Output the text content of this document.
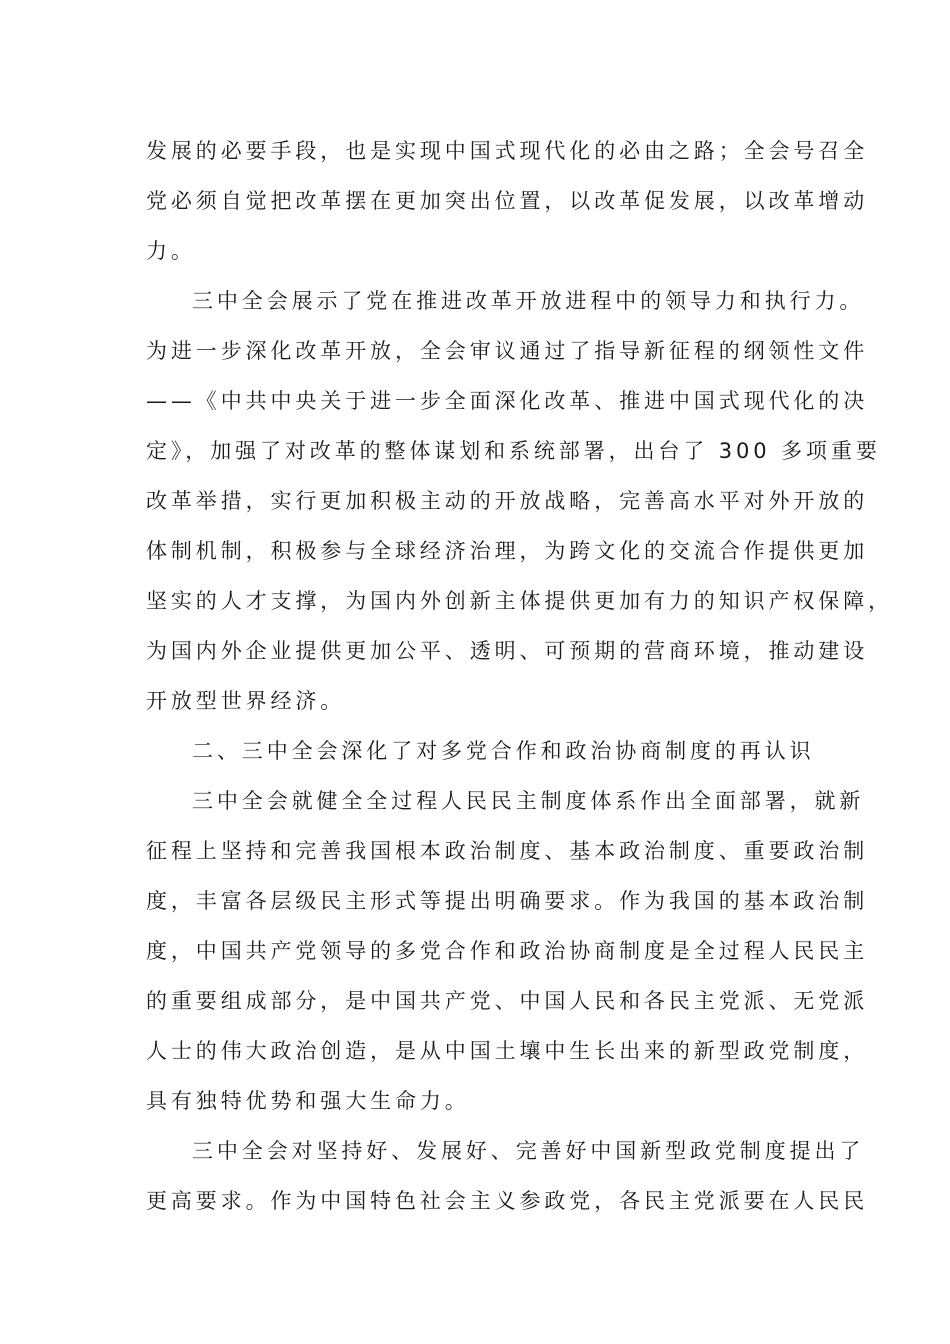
发展的必要手段，也是实现中国式现代化的必由之路；全会号召全
党必须自觉把改革摆在更加突出位置，以改革促发展，以改革增动
力。
三中全会展示了党在推进改革开放进程中的领导力和执行力。
为进一步深化改革开放，全会审议通过了指导新征程的纲领性文件
——《中共中央关于进一步全面深化改革、推进中国式现代化的决
定》，加强了对改革的整体谋划和系统部署，出台了 300 多项重要
改革举措，实行更加积极主动的开放战略，完善高水平对外开放的
体制机制，积极参与全球经济治理，为跨文化的交流合作提供更加
坚实的人才支撑，为国内外创新主体提供更加有力的知识产权保障，
为国内外企业提供更加公平、透明、可预期的营商环境，推动建设
开放型世界经济。
二、三中全会深化了对多党合作和政治协商制度的再认识
三中全会就健全全过程人民民主制度体系作出全面部署，就新
征程上坚持和完善我国根本政治制度、基本政治制度、重要政治制
度，丰富各层级民主形式等提出明确要求。作为我国的基本政治制
度，中国共产党领导的多党合作和政治协商制度是全过程人民民主
的重要组成部分，是中国共产党、中国人民和各民主党派、无党派
人士的伟大政治创造，是从中国土壤中生长出来的新型政党制度，
具有独特优势和强大生命力。
三中全会对坚持好、发展好、完善好中国新型政党制度提出了
更高要求。作为中国特色社会主义参政党，各民主党派要在人民民
